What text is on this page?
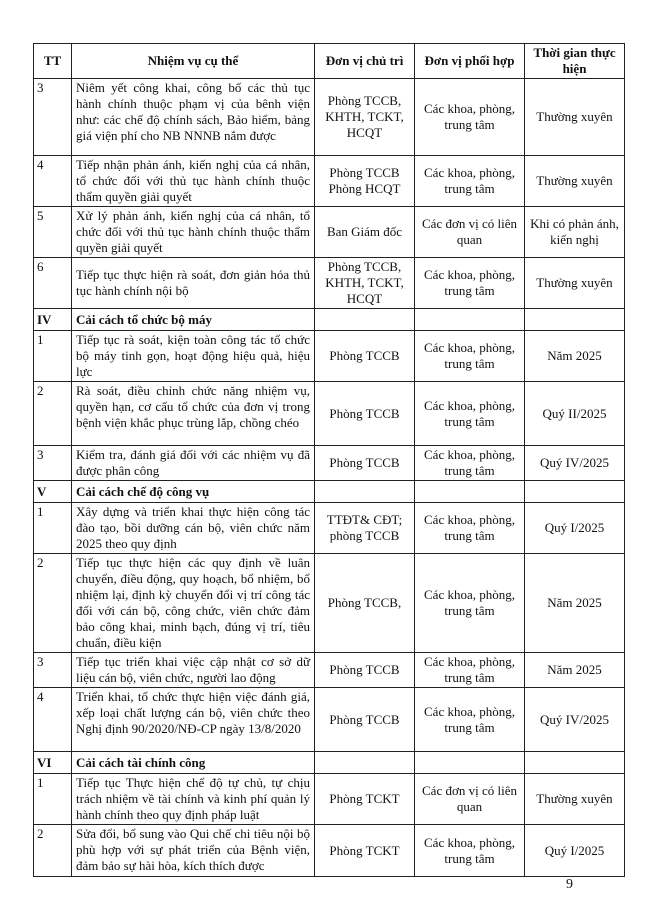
TT	Nhiệm vụ cụ thể	Đơn vị chủ trì	Đơn vị phối hợp	Thời gian thực hiện
3	Niêm yết công khai, công bố các thủ tục hành chính thuộc phạm vị của bênh viện như: các chế độ chính sách, Bảo hiểm, bảng giá viện phí cho NB NNNB nắm được	Phòng TCCB, KHTH, TCKT, HCQT	Các khoa, phòng, trung tâm	Thường xuyên
4	Tiếp nhận phản ánh, kiến nghị của cá nhân, tổ chức đối với thủ tục hành chính thuộc thẩm quyền giải quyết	Phòng TCCB Phòng HCQT	Các khoa, phòng, trung tâm	Thường xuyên
5	Xử lý phản ánh, kiến nghị của cá nhân, tổ chức đối với thủ tục hành chính thuộc thẩm quyền giải quyết	Ban Giám đốc	Các đơn vị có liên quan	Khi có phản ánh, kiến nghị
6	Tiếp tục thực hiện rà soát, đơn giản hóa thủ tục hành chính nội bộ	Phòng TCCB, KHTH, TCKT, HCQT	Các khoa, phòng, trung tâm	Thường xuyên
IV	Cải cách tổ chức bộ máy			
1	Tiếp tục rà soát, kiện toàn công tác tổ chức bộ máy tinh gọn, hoạt động hiệu quả, hiệu lực	Phòng TCCB	Các khoa, phòng, trung tâm	Năm 2025
2	Rà soát, điều chỉnh chức năng nhiệm vụ, quyền hạn, cơ cấu tổ chức của đơn vị trong bệnh viện khắc phục trùng lắp, chồng chéo	Phòng TCCB	Các khoa, phòng, trung tâm	Quý II/2025
3	Kiểm tra, đánh giá đối với các nhiệm vụ đã được phân công	Phòng TCCB	Các khoa, phòng, trung tâm	Quý IV/2025
V	Cải cách chế độ công vụ			
1	Xây dựng và triển khai thực hiện công tác đào tạo, bồi dưỡng cán bộ, viên chức năm 2025 theo quy định	TTĐT& CĐT; phòng TCCB	Các khoa, phòng, trung tâm	Quý I/2025
2	Tiếp tục thực hiện các quy định về luân chuyển, điều động, quy hoạch, bổ nhiệm, bổ nhiệm lại, định kỳ chuyển đổi vị trí công tác đối với cán bộ, công chức, viên chức đảm bảo công khai, minh bạch, đúng vị trí, tiêu chuẩn, điều kiện	Phòng TCCB,	Các khoa, phòng, trung tâm	Năm 2025
3	Tiếp tục triển khai việc cập nhật cơ sở dữ liệu cán bộ, viên chức, người lao động	Phòng TCCB	Các khoa, phòng, trung tâm	Năm 2025
4	Triển khai, tổ chức thực hiện việc đánh giá, xếp loại chất lượng cán bộ, viên chức theo Nghị định 90/2020/NĐ-CP ngày 13/8/2020	Phòng TCCB	Các khoa, phòng, trung tâm	Quý IV/2025
VI	Cải cách tài chính công			
1	Tiếp tục Thực hiện chế độ tự chủ, tự chịu trách nhiệm về tài chính và kinh phí quản lý hành chính theo quy định pháp luật	Phòng TCKT	Các đơn vị có liên quan	Thường xuyên
2	Sửa đổi, bổ sung vào Qui chế chi tiêu nội bộ phù hợp với sự phát triển của Bệnh viện, đảm bảo sự hài hòa, kích thích được	Phòng TCKT	Các khoa, phòng, trung tâm	Quý I/2025
9
